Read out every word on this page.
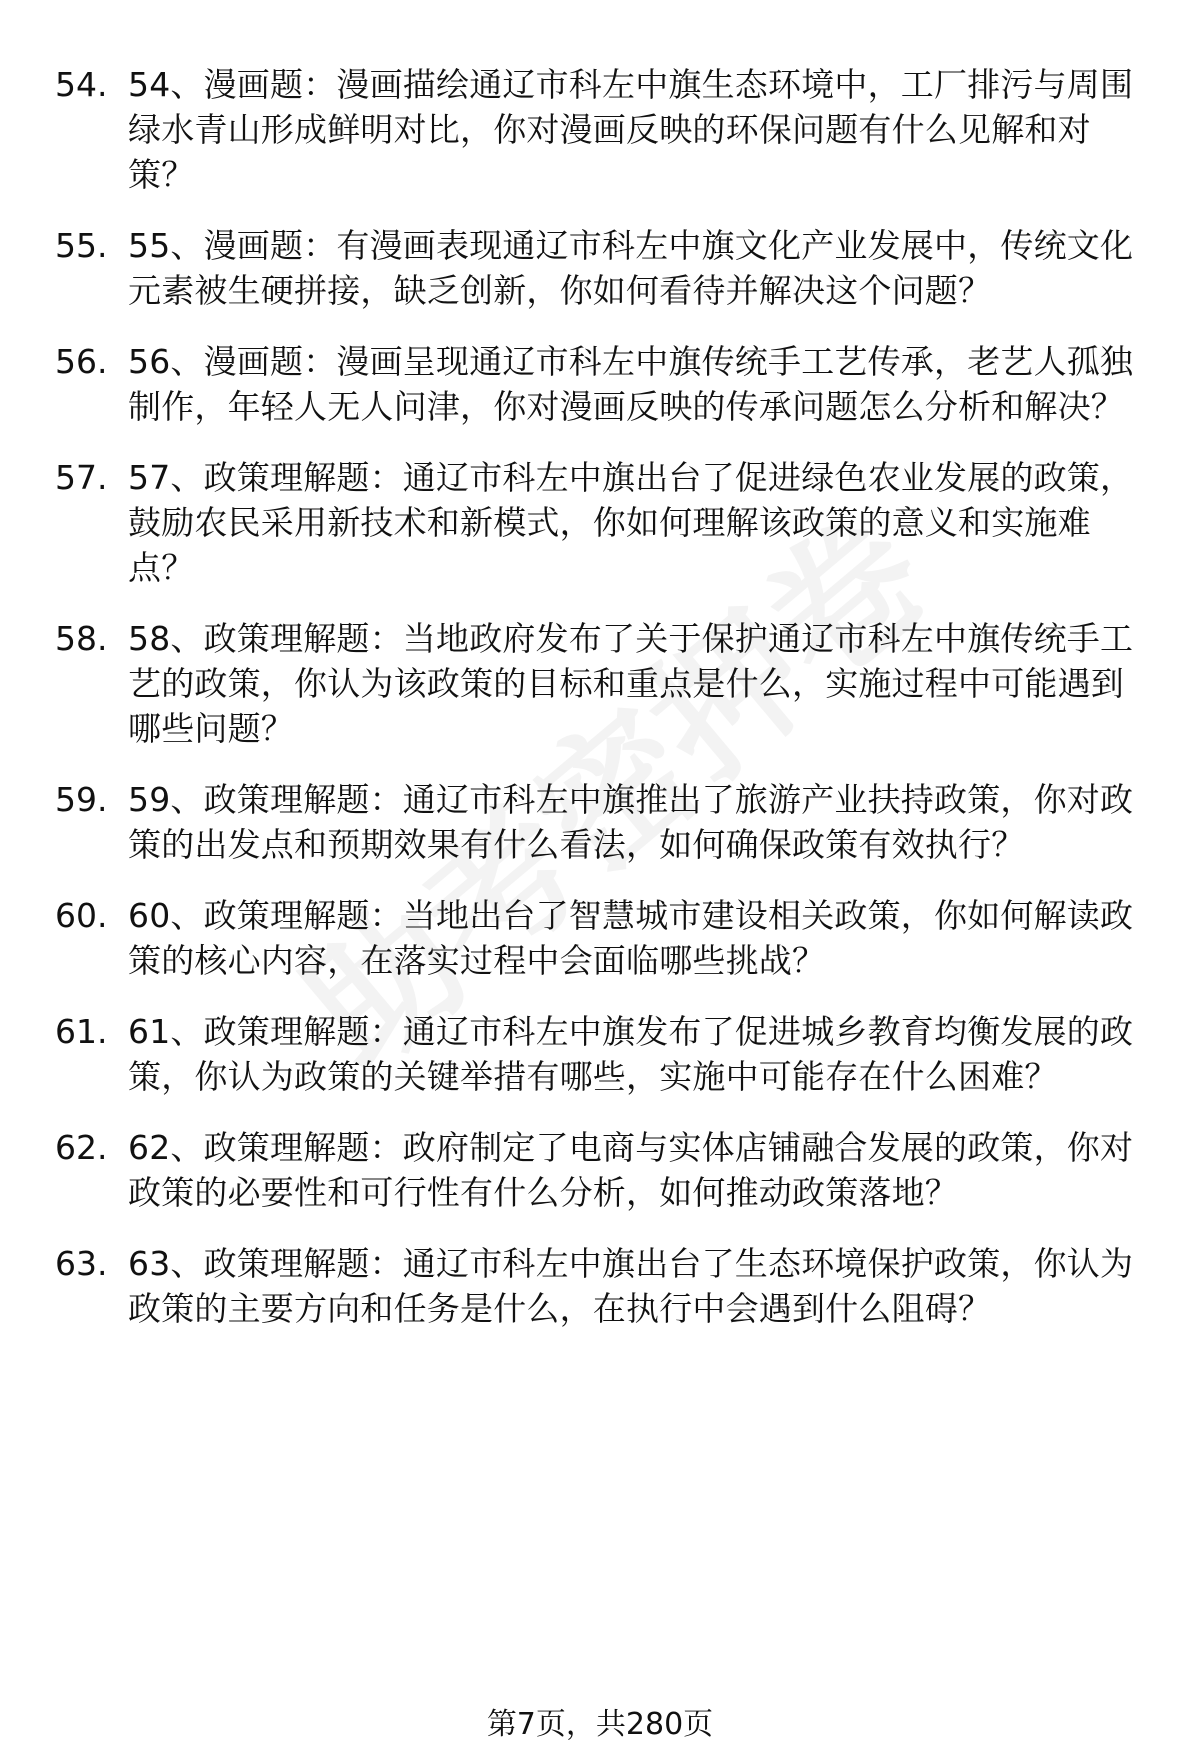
54. 54、漫画题：漫画描绘通辽市科左中旗生态环境中，工厂排污与周围绿水青山形成鲜明对比，你对漫画反映的环保问题有什么见解和对策？
55. 55、漫画题：有漫画表现通辽市科左中旗文化产业发展中，传统文化元素被生硬拼接，缺乏创新，你如何看待并解决这个问题？
56. 56、漫画题：漫画呈现通辽市科左中旗传统手工艺传承，老艺人孤独制作，年轻人无人问津，你对漫画反映的传承问题怎么分析和解决？
57. 57、政策理解题：通辽市科左中旗出台了促进绿色农业发展的政策，鼓励农民采用新技术和新模式，你如何理解该政策的意义和实施难点？
58. 58、政策理解题：当地政府发布了关于保护通辽市科左中旗传统手工艺的政策，你认为该政策的目标和重点是什么，实施过程中可能遇到哪些问题？
59. 59、政策理解题：通辽市科左中旗推出了旅游产业扶持政策，你对政策的出发点和预期效果有什么看法，如何确保政策有效执行？
60. 60、政策理解题：当地出台了智慧城市建设相关政策，你如何解读政策的核心内容，在落实过程中会面临哪些挑战？
61. 61、政策理解题：通辽市科左中旗发布了促进城乡教育均衡发展的政策，你认为政策的关键举措有哪些，实施中可能存在什么困难？
62. 62、政策理解题：政府制定了电商与实体店铺融合发展的政策，你对政策的必要性和可行性有什么分析，如何推动政策落地？
63. 63、政策理解题：通辽市科左中旗出台了生态环境保护政策，你认为政策的主要方向和任务是什么，在执行中会遇到什么阻碍？
第7页，共280页
